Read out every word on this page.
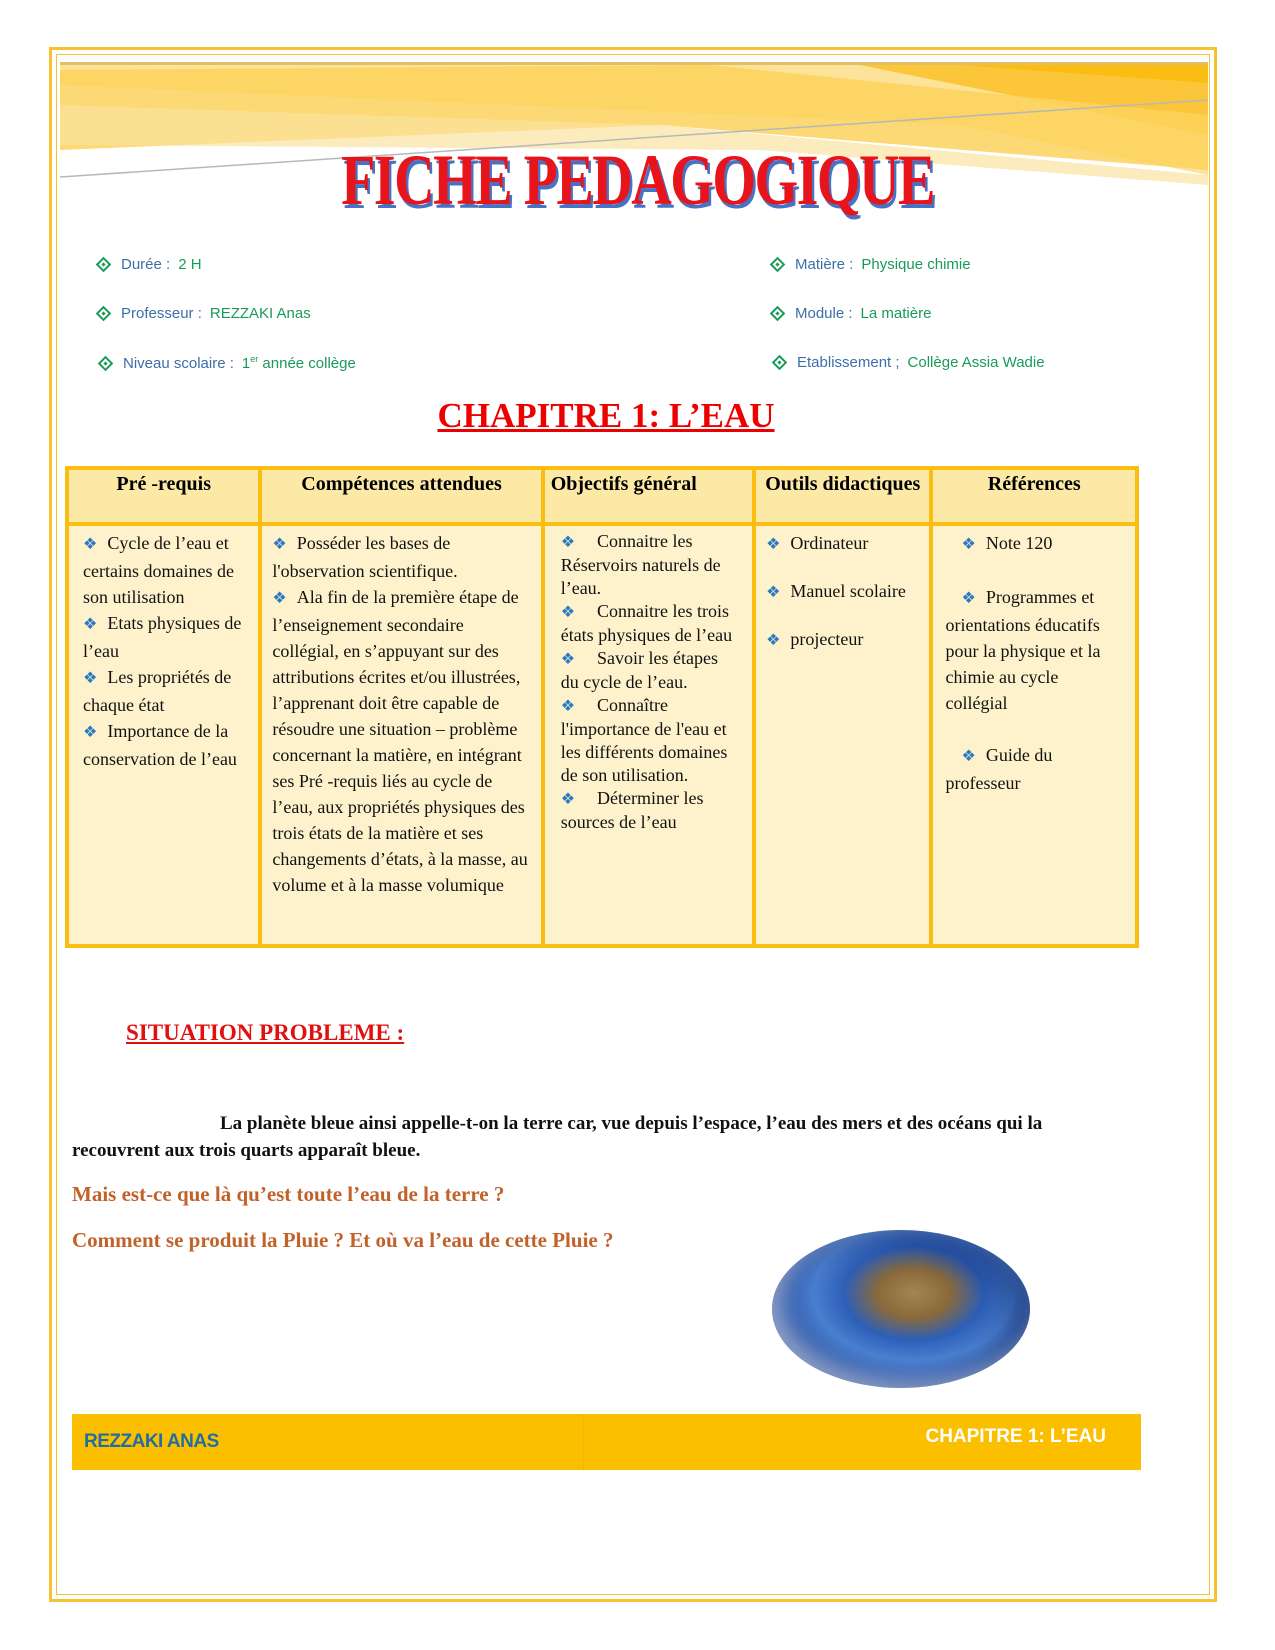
FICHE PEDAGOGIQUE
Durée : 2 H
Professeur : REZZAKI Anas
Niveau scolaire : 1er année collège
Matière : Physique chimie
Module : La matière
Etablissement ; Collège Assia Wadie
CHAPITRE 1: L’EAU
Pré -requis	Compétences attendues	Objectifs général	Outils didactiques	Références

❖ Cycle de l’eau et certains domaines de son utilisation
❖ Etats physiques de l’eau
❖ Les propriétés de chaque état
❖ Importance de la conservation de l’eau

❖ Posséder les bases de l'observation scientifique.
❖ Ala fin de la première étape de l’enseignement secondaire collégial, en s’appuyant sur des attributions écrites et/ou illustrées, l’apprenant doit être capable de résoudre une situation – problème concernant la matière, en intégrant ses Pré -requis liés au cycle de l’eau, aux propriétés physiques des trois états de la matière et ses changements d’états, à la masse, au volume et à la masse volumique

❖ Connaitre les Réservoirs naturels de l’eau.
❖ Connaitre les trois états physiques de l’eau
❖ Savoir les étapes du cycle de l’eau.
❖ Connaître l'importance de l'eau et les différents domaines de son utilisation.
❖ Déterminer les sources de l’eau

❖ Ordinateur
❖ Manuel scolaire
❖ projecteur

❖ Note 120
❖ Programmes et orientations éducatifs pour la physique et la chimie au cycle collégial
❖ Guide du professeur
SITUATION PROBLEME :
La planète bleue ainsi appelle-t-on la terre car, vue depuis l’espace, l’eau des mers et des océans qui la recouvrent aux trois quarts apparaît bleue.
Mais est-ce que là qu’est toute l’eau de la terre ?
Comment se produit la Pluie ? Et où va l’eau de cette Pluie ?
REZZAKI ANAS	CHAPITRE 1: L’EAU
